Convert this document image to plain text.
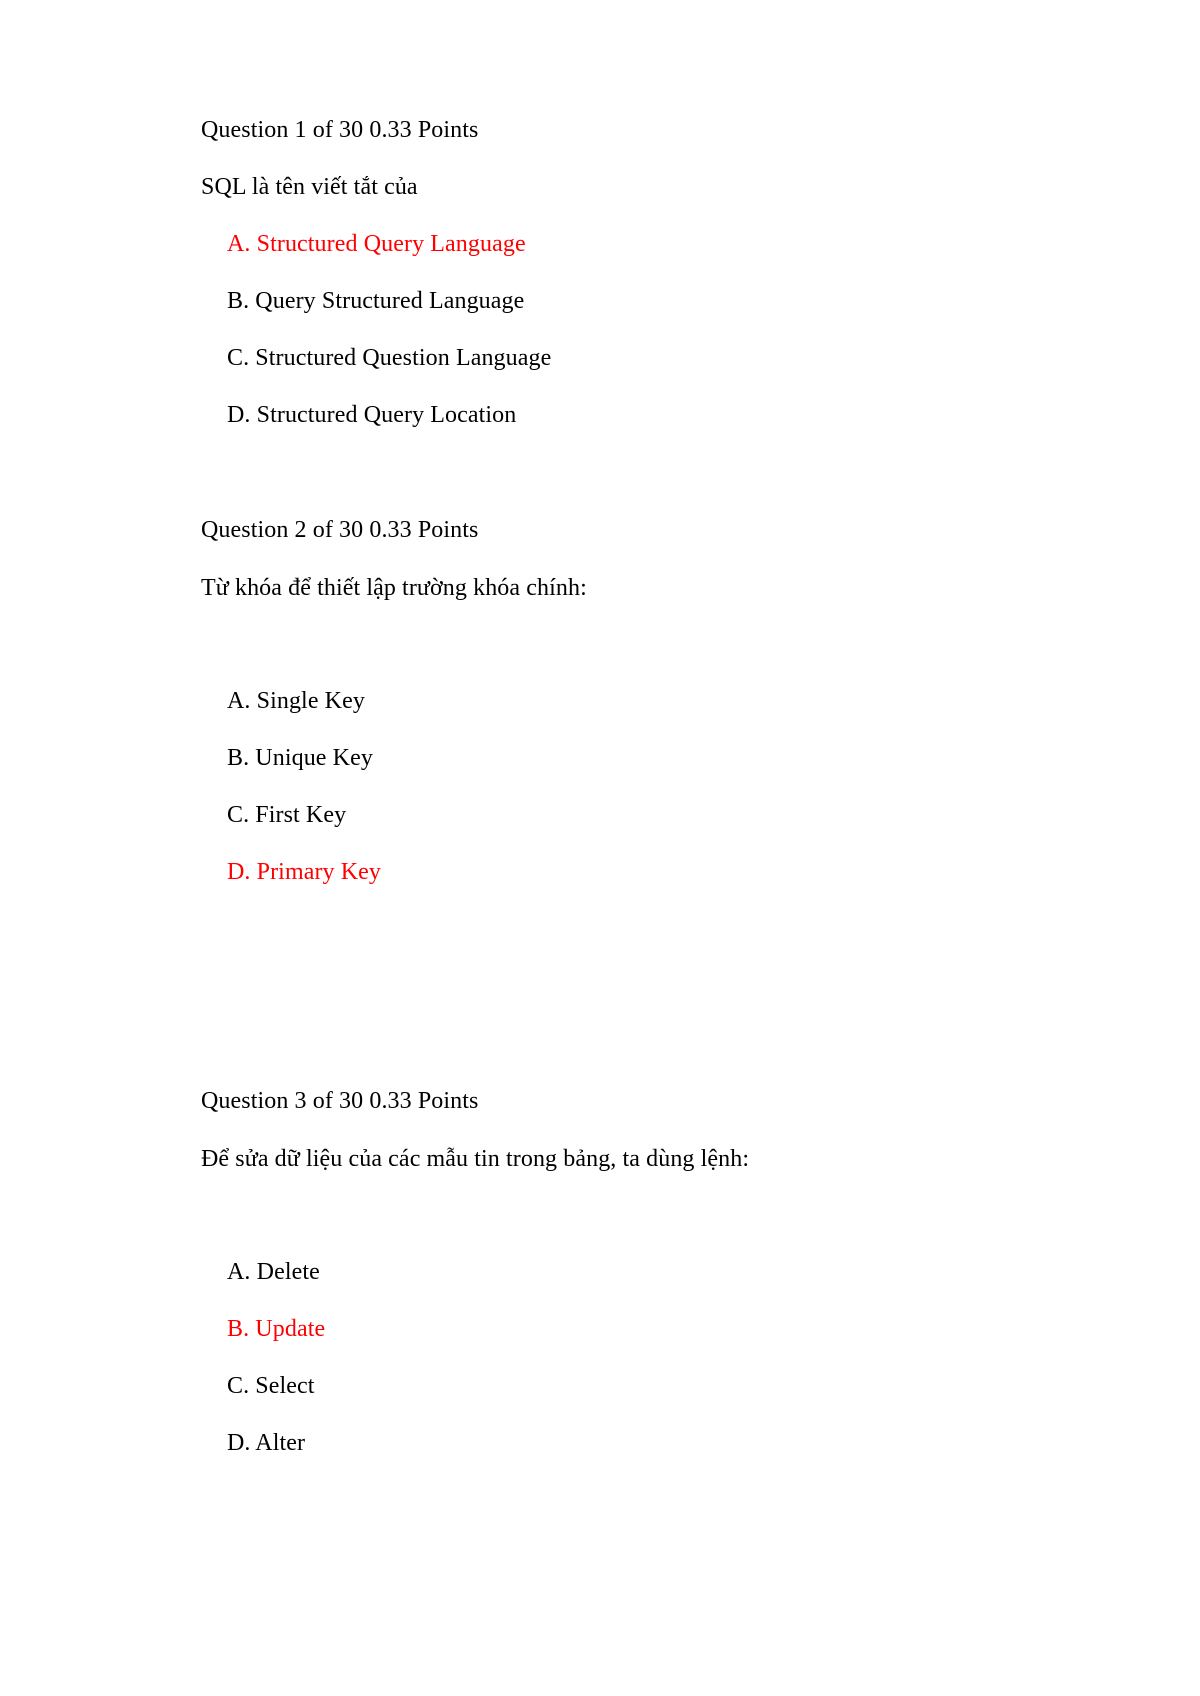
Question 1 of 30 0.33 Points
SQL là tên viết tắt của
A. Structured Query Language
B. Query Structured Language
C. Structured Question Language
D. Structured Query Location
Question 2 of 30 0.33 Points
Từ khóa để thiết lập trường khóa chính:
A. Single Key
B. Unique Key
C. First Key
D. Primary Key
Question 3 of 30 0.33 Points
Để sửa dữ liệu của các mẫu tin trong bảng, ta dùng lệnh:
A. Delete
B. Update
C. Select
D. Alter
